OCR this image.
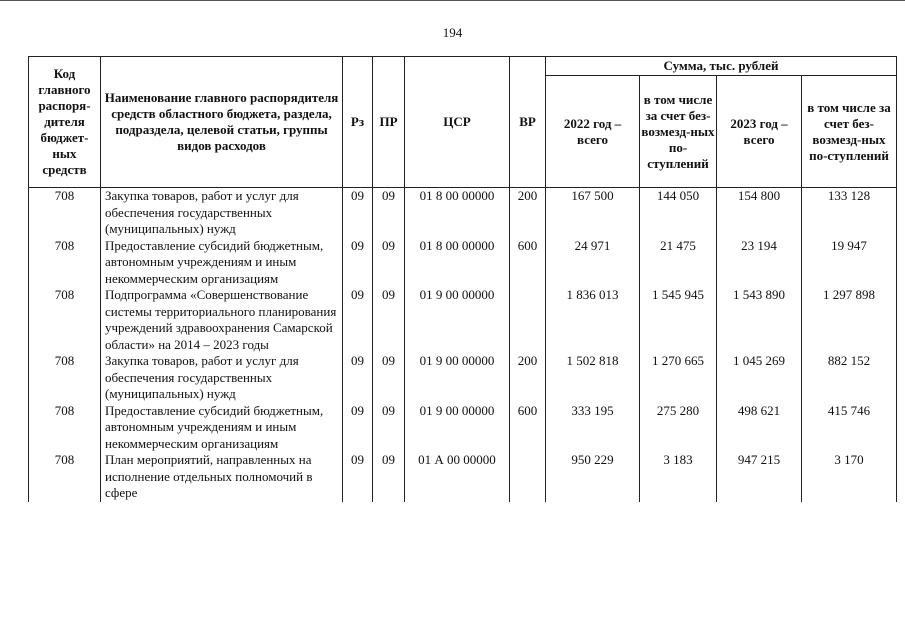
194
Код главного распоря-дителя бюджет-ных средств	Наименование главного распорядителя средств областного бюджета, раздела, подраздела, целевой статьи, группы видов расходов	Рз	ПР	ЦСР	ВР	Сумма, тыс. рублей			
						2022 год – всего	в том числе за счет без-возмезд-ных по-ступлений	2023 год – всего	в том числе за счет без-возмезд-ных по-ступлений
708	Закупка товаров, работ и услуг для обеспечения государственных (муниципальных) нужд	09	09	01 8 00 00000	200	167 500	144 050	154 800	133 128
708	Предоставление субсидий бюджетным, автономным учреждениям и иным некоммерческим организациям	09	09	01 8 00 00000	600	24 971	21 475	23 194	19 947
708	Подпрограмма «Совершенствование системы территориального планирования учреждений здравоохранения Самарской области» на 2014 – 2023 годы	09	09	01 9 00 00000		1 836 013	1 545 945	1 543 890	1 297 898
708	Закупка товаров, работ и услуг для обеспечения государственных (муниципальных) нужд	09	09	01 9 00 00000	200	1 502 818	1 270 665	1 045 269	882 152
708	Предоставление субсидий бюджетным, автономным учреждениям и иным некоммерческим организациям	09	09	01 9 00 00000	600	333 195	275 280	498 621	415 746
708	План мероприятий, направленных на исполнение отдельных полномочий в сфере	09	09	01 А 00 00000		950 229	3 183	947 215	3 170
